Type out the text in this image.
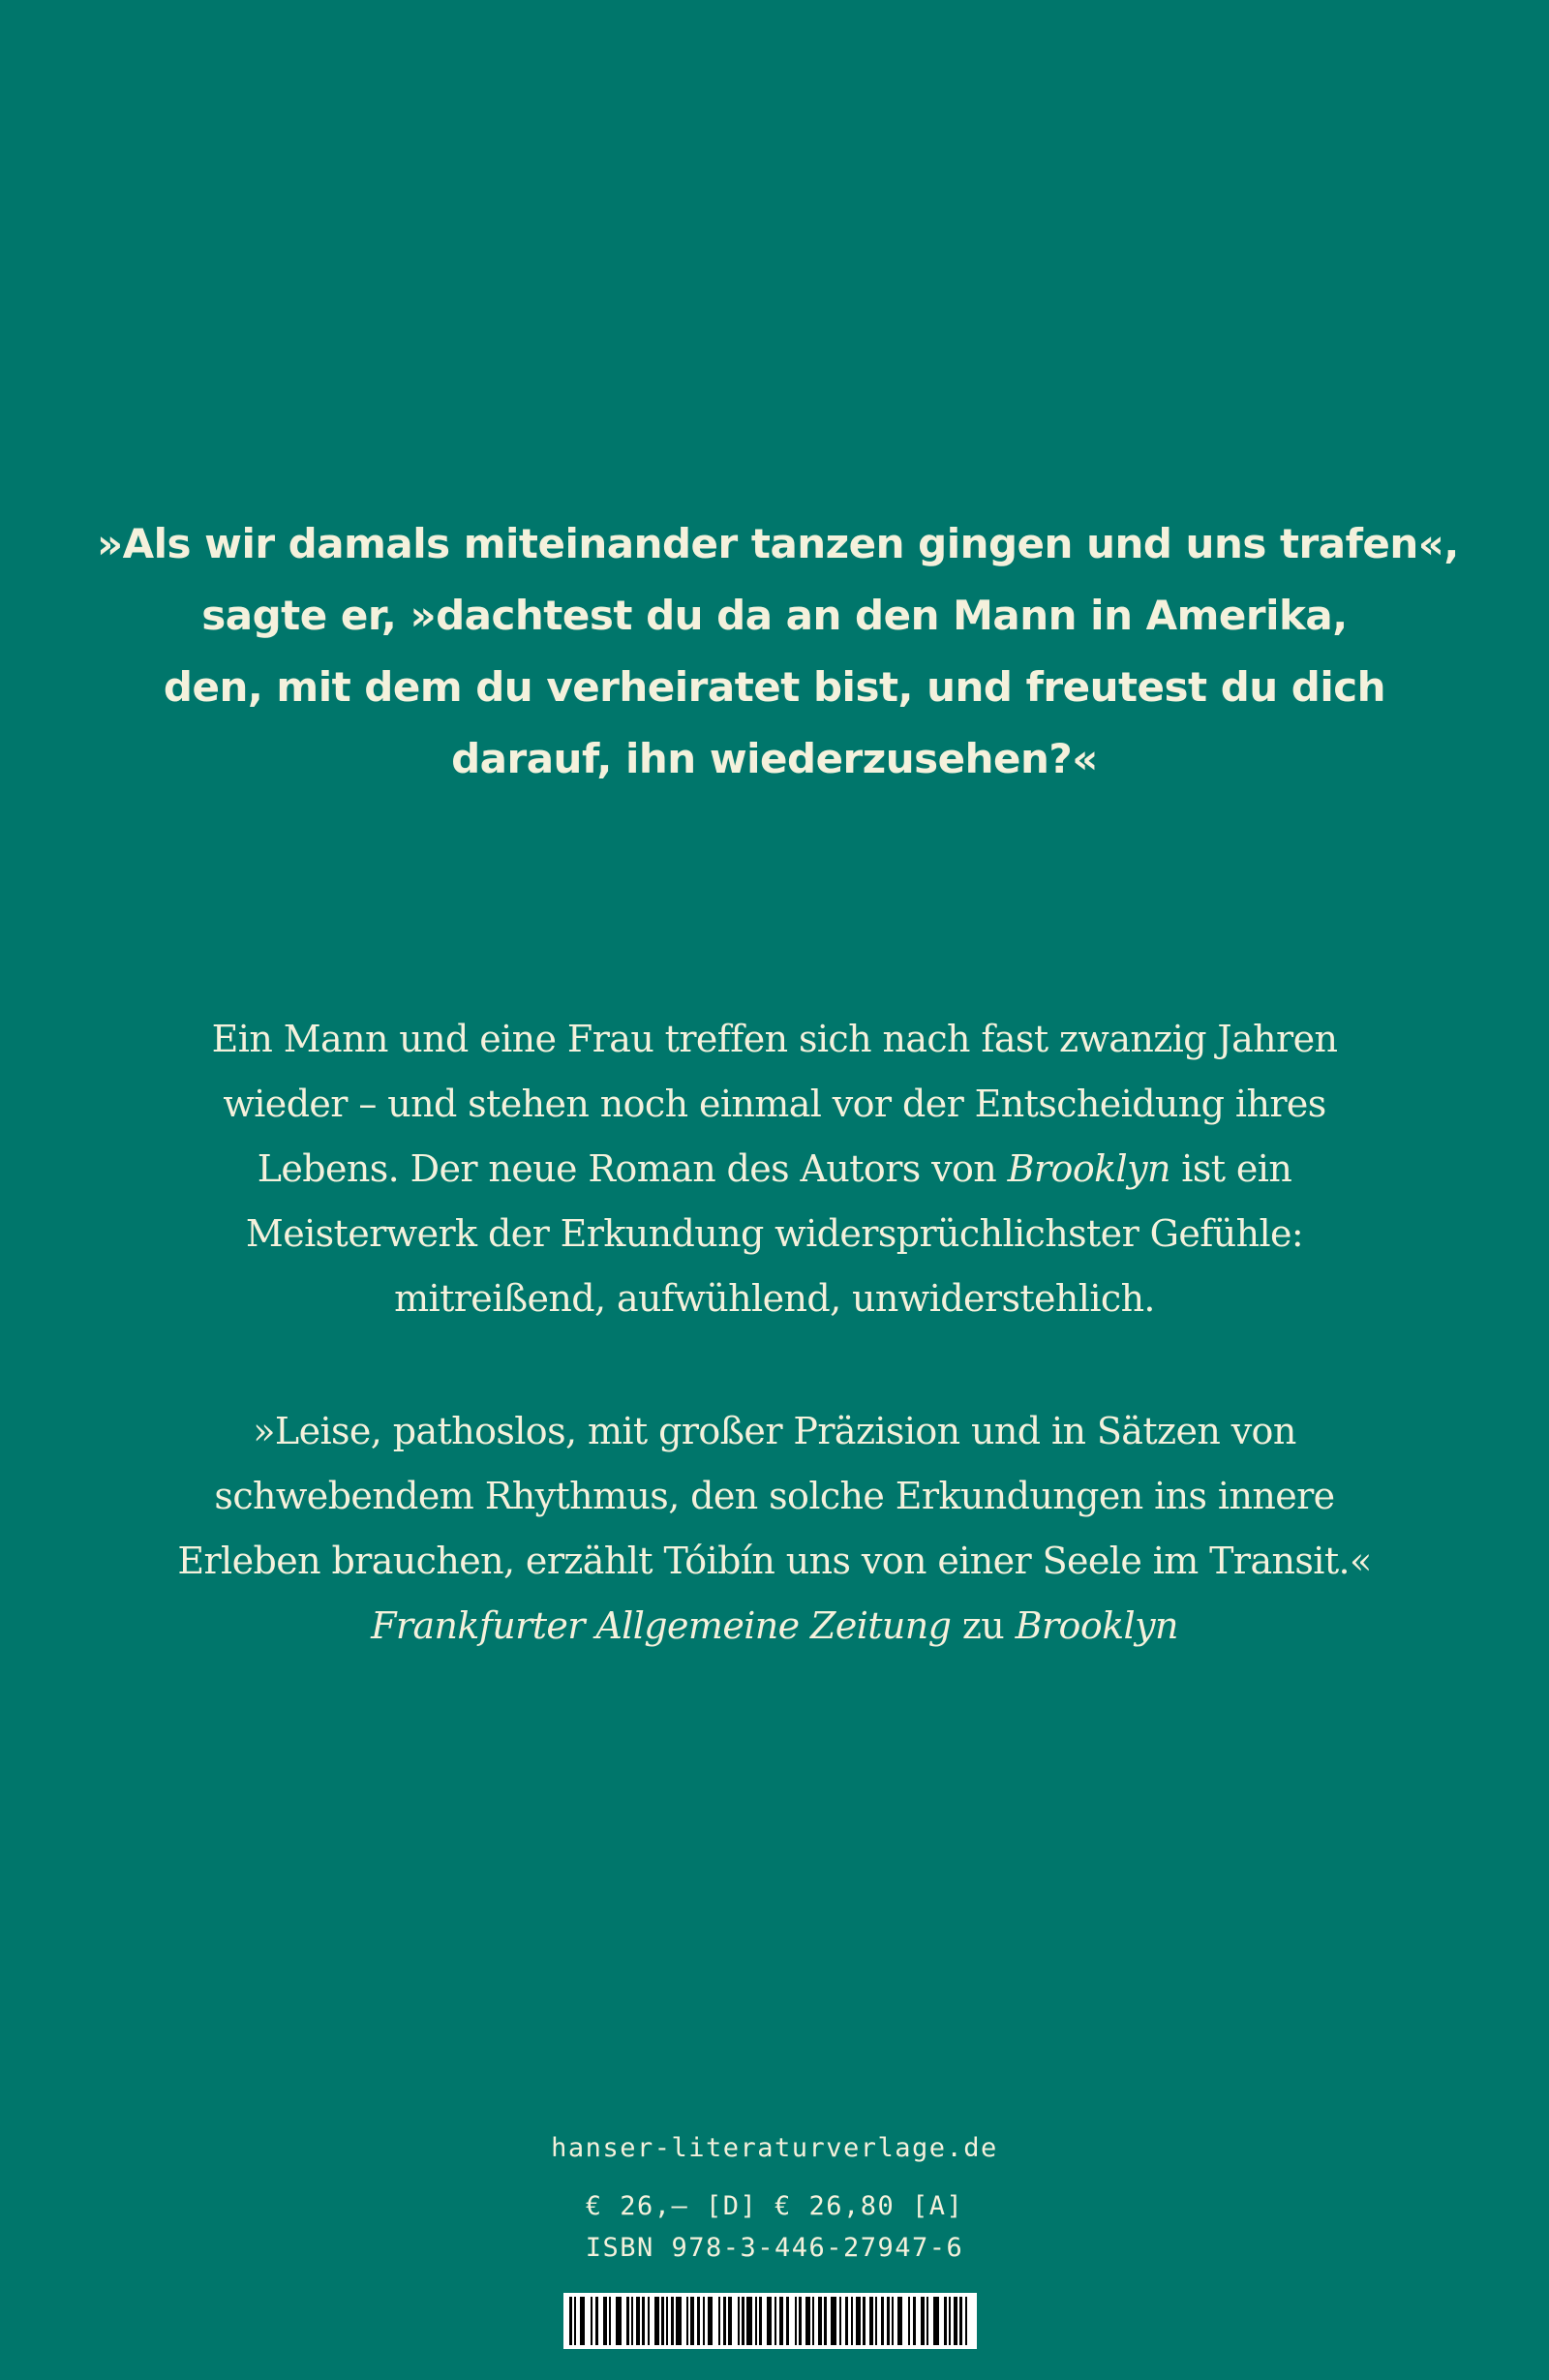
»Als wir damals miteinander tanzen gingen und uns trafen«,
sagte er, »dachtest du da an den Mann in Amerika,
den, mit dem du verheiratet bist, und freutest du dich
darauf, ihn wiederzusehen?«
Ein Mann und eine Frau treffen sich nach fast zwanzig Jahren
wieder – und stehen noch einmal vor der Entscheidung ihres
Lebens. Der neue Roman des Autors von Brooklyn ist ein
Meisterwerk der Erkundung widersprüchlichster Gefühle:
mitreißend, aufwühlend, unwiderstehlich.
»Leise, pathoslos, mit großer Präzision und in Sätzen von
schwebendem Rhythmus, den solche Erkundungen ins innere
Erleben brauchen, erzählt Tóibín uns von einer Seele im Transit.«
Frankfurter Allgemeine Zeitung zu Brooklyn
hanser-literaturverlage.de
€ 26,– [D] € 26,80 [A]
ISBN 978-3-446-27947-6
